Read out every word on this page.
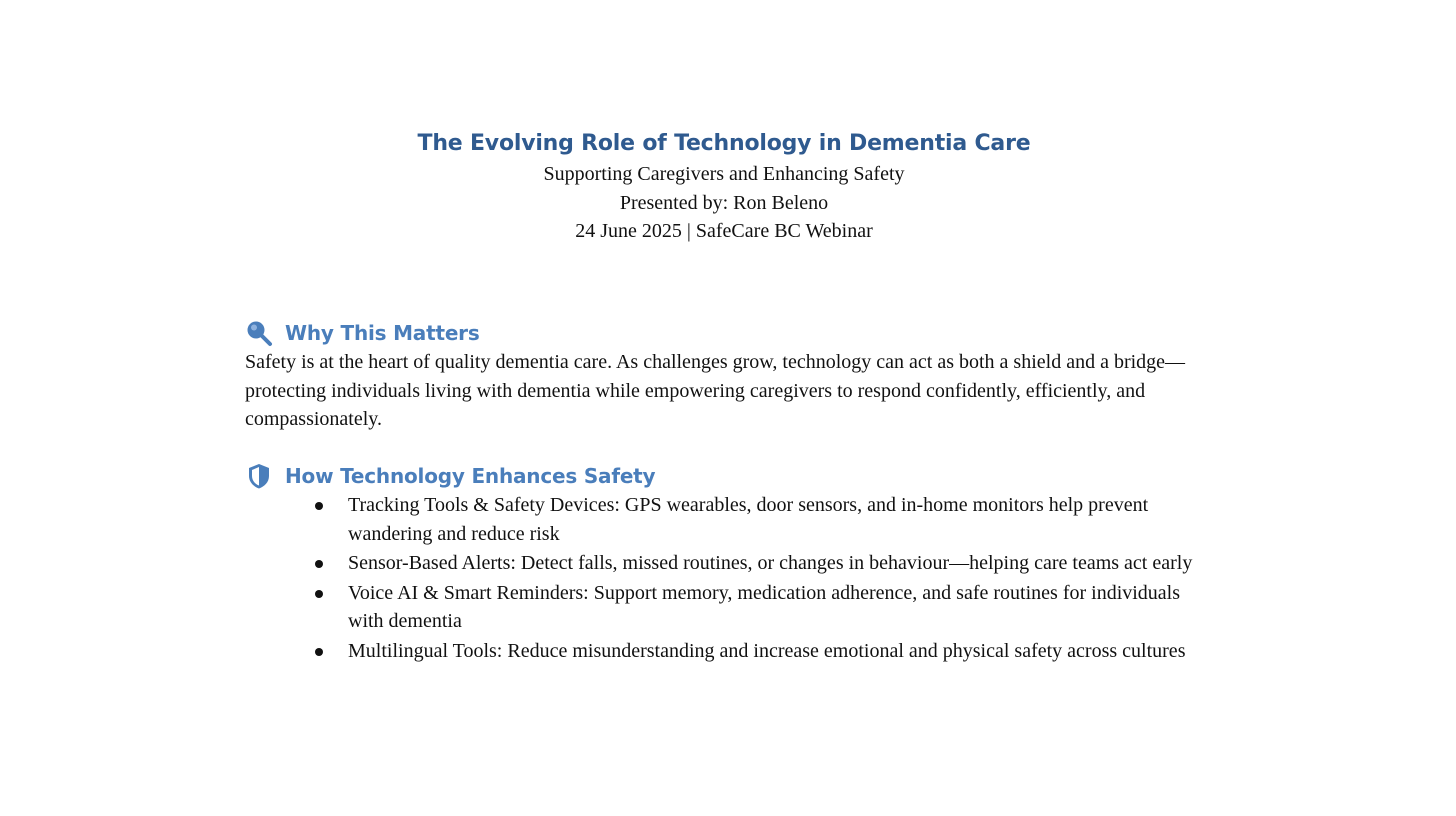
The Evolving Role of Technology in Dementia Care

Supporting Caregivers and Enhancing Safety

Presented by: Ron Beleno

24 June 2025 | SafeCare BC Webinar

Why This Matters

Safety is at the heart of quality dementia care. As challenges grow, technology can act as both a shield and a bridge—protecting individuals living with dementia while empowering caregivers to respond confidently, efficiently, and compassionately.

How Technology Enhances Safety
Tracking Tools & Safety Devices: GPS wearables, door sensors, and in-home monitors help prevent wandering and reduce risk
Sensor-Based Alerts: Detect falls, missed routines, or changes in behaviour—helping care teams act early
Voice AI & Smart Reminders: Support memory, medication adherence, and safe routines for individuals with dementia
Multilingual Tools: Reduce misunderstanding and increase emotional and physical safety across cultures
